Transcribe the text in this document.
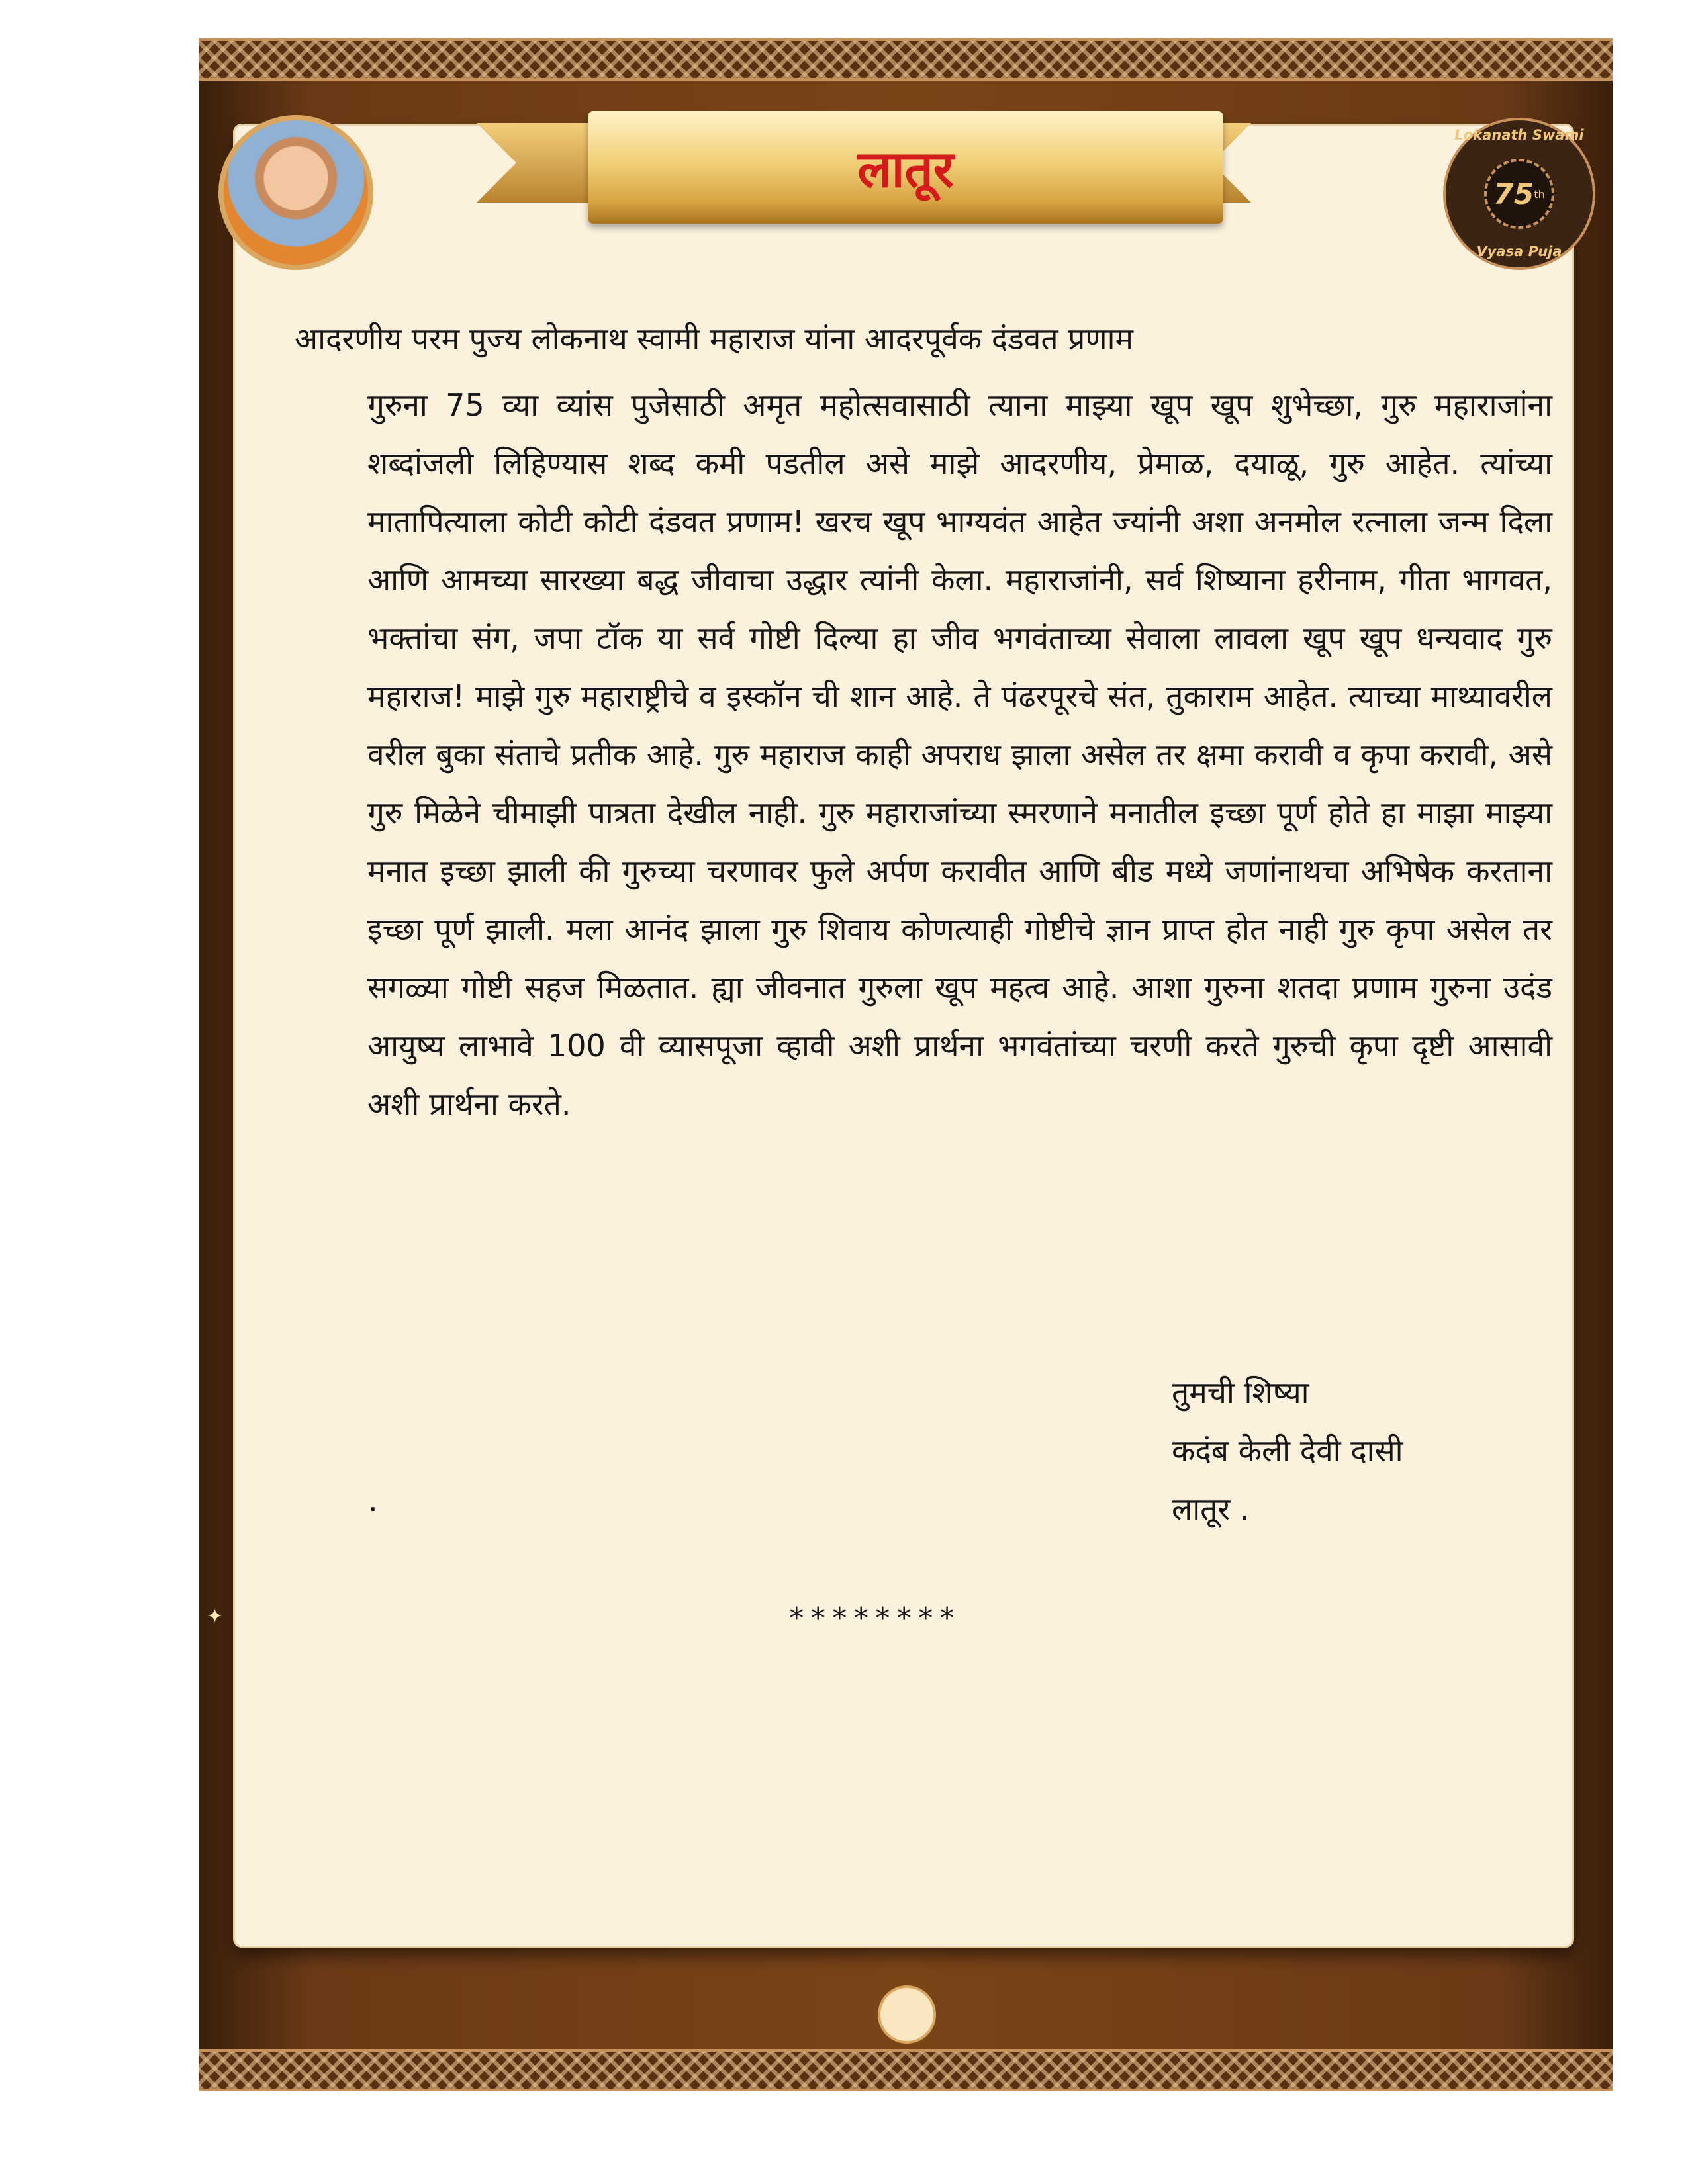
✦
Lokanath Swami
75 th
Vyasa Puja
लातूर

आदरणीय परम पुज्य लोकनाथ स्वामी महाराज यांना आदरपूर्वक दंडवत प्रणाम

गुरुना 75 व्या व्यांस पुजेसाठी अमृत महोत्सवासाठी त्याना माझ्या खूप खूप शुभेच्छा, गुरु महाराजांना शब्दांजली लिहिण्यास शब्द कमी पडतील असे माझे आदरणीय, प्रेमाळ, दयाळू, गुरु आहेत. त्यांच्या मातापित्याला कोटी कोटी दंडवत प्रणाम! खरच खूप भाग्यवंत आहेत ज्यांनी अशा अनमोल रत्नाला जन्म दिला आणि आमच्या सारख्या बद्ध जीवाचा उद्धार त्यांनी केला. महाराजांनी, सर्व शिष्याना हरीनाम, गीता भागवत, भक्तांचा संग, जपा टॉक या सर्व गोष्टी दिल्या हा जीव भगवंताच्या सेवाला लावला खूप खूप धन्यवाद गुरु महाराज! माझे गुरु महाराष्ट्रीचे व इस्कॉन ची शान आहे. ते पंढरपूरचे संत, तुकाराम आहेत. त्याच्या माथ्यावरील वरील बुका संताचे प्रतीक आहे. गुरु महाराज काही अपराध झाला असेल तर क्षमा करावी व कृपा करावी, असे गुरु मिळेने चीमाझी पात्रता देखील नाही. गुरु महाराजांच्या स्मरणाने मनातील इच्छा पूर्ण होते हा माझा माझ्या मनात इच्छा झाली की गुरुच्या चरणावर फुले अर्पण करावीत आणि बीड मध्ये जणांनाथचा अभिषेक करताना इच्छा पूर्ण झाली. मला आनंद झाला गुरु शिवाय कोणत्याही गोष्टीचे ज्ञान प्राप्त होत नाही गुरु कृपा असेल तर सगळ्या गोष्टी सहज मिळतात. ह्या जीवनात गुरुला खूप महत्व आहे. आशा गुरुना शतदा प्रणाम गुरुना उदंड आयुष्य लाभावे 100 वी व्यासपूजा व्हावी अशी प्रार्थना भगवंतांच्या चरणी करते गुरुची कृपा दृष्टी आसावी अशी प्रार्थना करते.

तुमची शिष्या
कदंब केली देवी दासी
लातूर .
.
********
